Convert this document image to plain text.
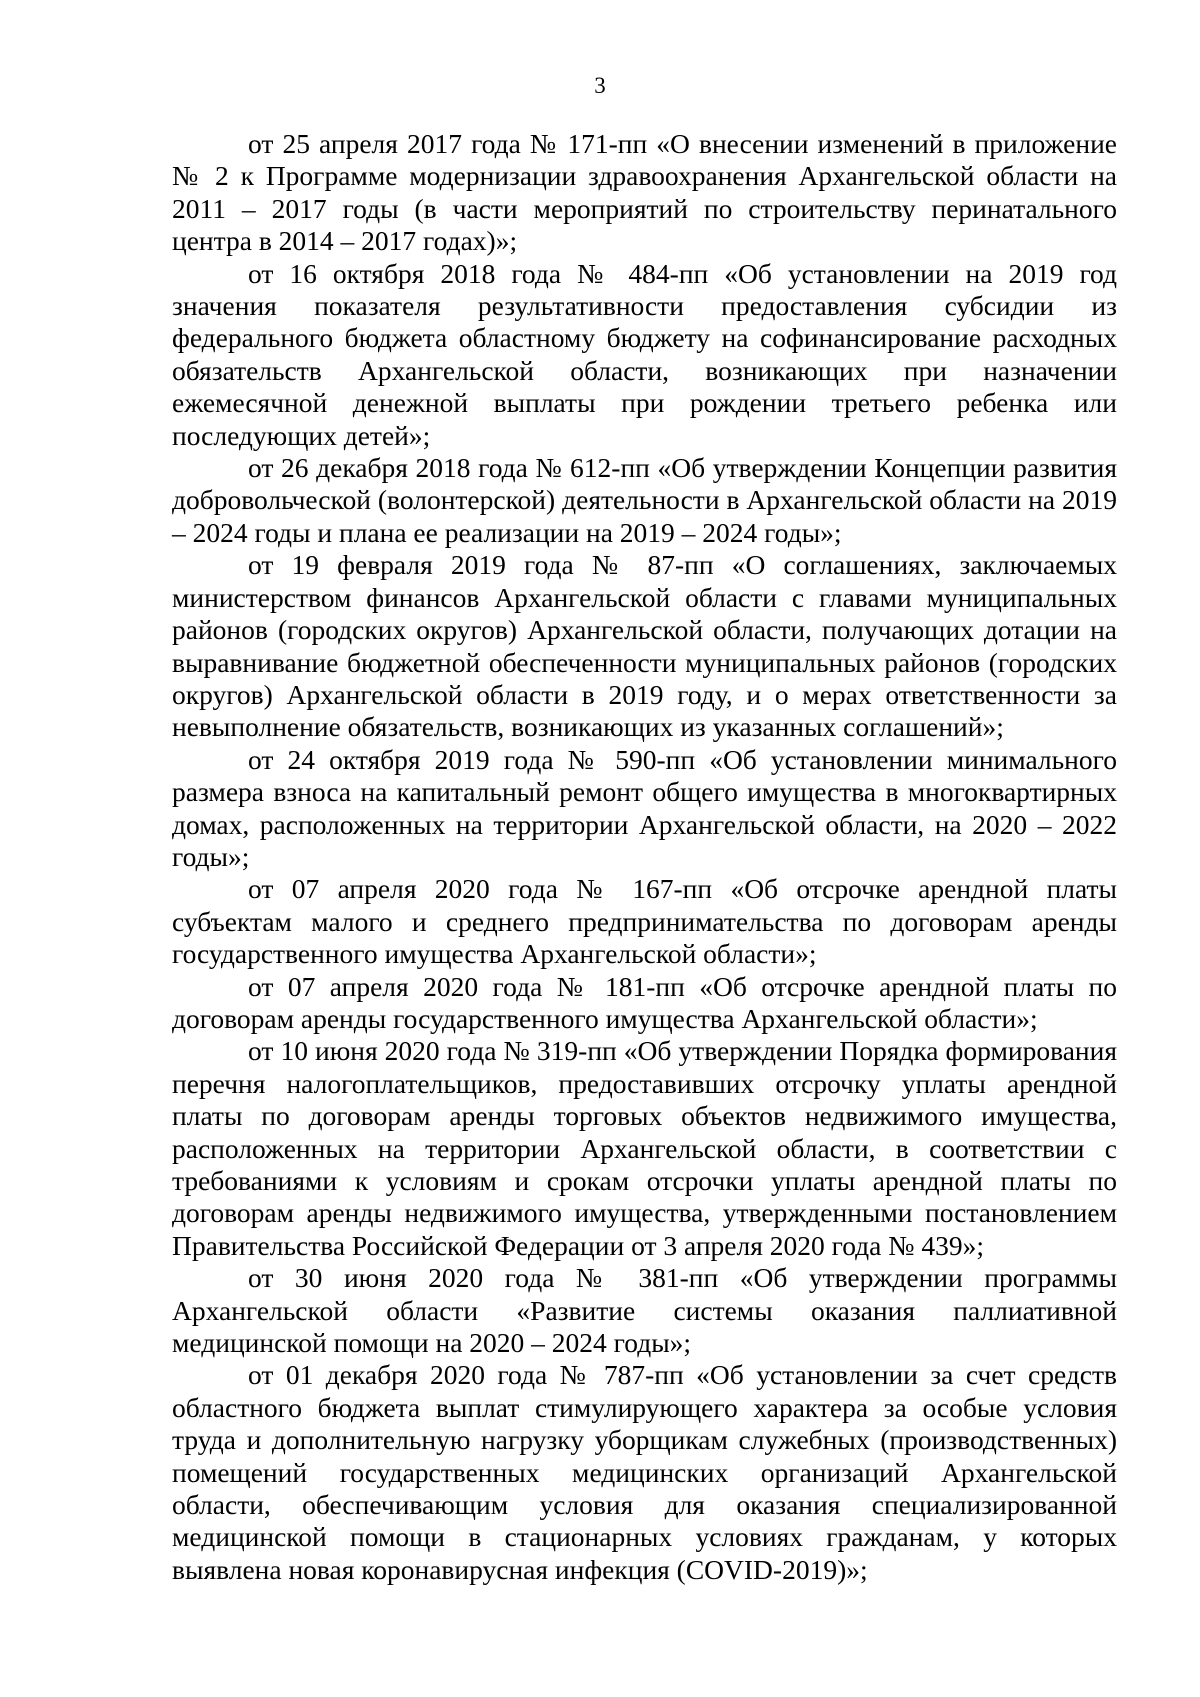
3

от 25 апреля 2017 года № 171-пп «О внесении изменений в приложение № 2 к Программе модернизации здравоохранения Архангельской области на 2011 – 2017 годы (в части мероприятий по строительству перинатального центра в 2014 – 2017 годах)»;

от 16 октября 2018 года № 484-пп «Об установлении на 2019 год значения показателя результативности предоставления субсидии из федерального бюджета областному бюджету на софинансирование расходных обязательств Архангельской области, возникающих при назначении ежемесячной денежной выплаты при рождении третьего ребенка или последующих детей»;

от 26 декабря 2018 года № 612-пп «Об утверждении Концепции развития добровольческой (волонтерской) деятельности в Архангельской области на 2019 – 2024 годы и плана ее реализации на 2019 – 2024 годы»;

от 19 февраля 2019 года № 87-пп «О соглашениях, заключаемых министерством финансов Архангельской области с главами муниципальных районов (городских округов) Архангельской области, получающих дотации на выравнивание бюджетной обеспеченности муниципальных районов (городских округов) Архангельской области в 2019 году, и о мерах ответственности за невыполнение обязательств, возникающих из указанных соглашений»;

от 24 октября 2019 года № 590-пп «Об установлении минимального размера взноса на капитальный ремонт общего имущества в многоквартирных домах, расположенных на территории Архангельской области, на 2020 – 2022 годы»;

от 07 апреля 2020 года № 167-пп «Об отсрочке арендной платы субъектам малого и среднего предпринимательства по договорам аренды государственного имущества Архангельской области»;

от 07 апреля 2020 года № 181-пп «Об отсрочке арендной платы по договорам аренды государственного имущества Архангельской области»;

от 10 июня 2020 года № 319-пп «Об утверждении Порядка формирования перечня налогоплательщиков, предоставивших отсрочку уплаты арендной платы по договорам аренды торговых объектов недвижимого имущества, расположенных на территории Архангельской области, в соответствии с требованиями к условиям и срокам отсрочки уплаты арендной платы по договорам аренды недвижимого имущества, утвержденными постановлением Правительства Российской Федерации от 3 апреля 2020 года № 439»;

от 30 июня 2020 года № 381-пп «Об утверждении программы Архангельской области «Развитие системы оказания паллиативной медицинской помощи на 2020 – 2024 годы»;

от 01 декабря 2020 года № 787-пп «Об установлении за счет средств областного бюджета выплат стимулирующего характера за особые условия труда и дополнительную нагрузку уборщикам служебных (производственных) помещений государственных медицинских организаций Архангельской области, обеспечивающим условия для оказания специализированной медицинской помощи в стационарных условиях гражданам, у которых выявлена новая коронавирусная инфекция (COVID-2019)»;
